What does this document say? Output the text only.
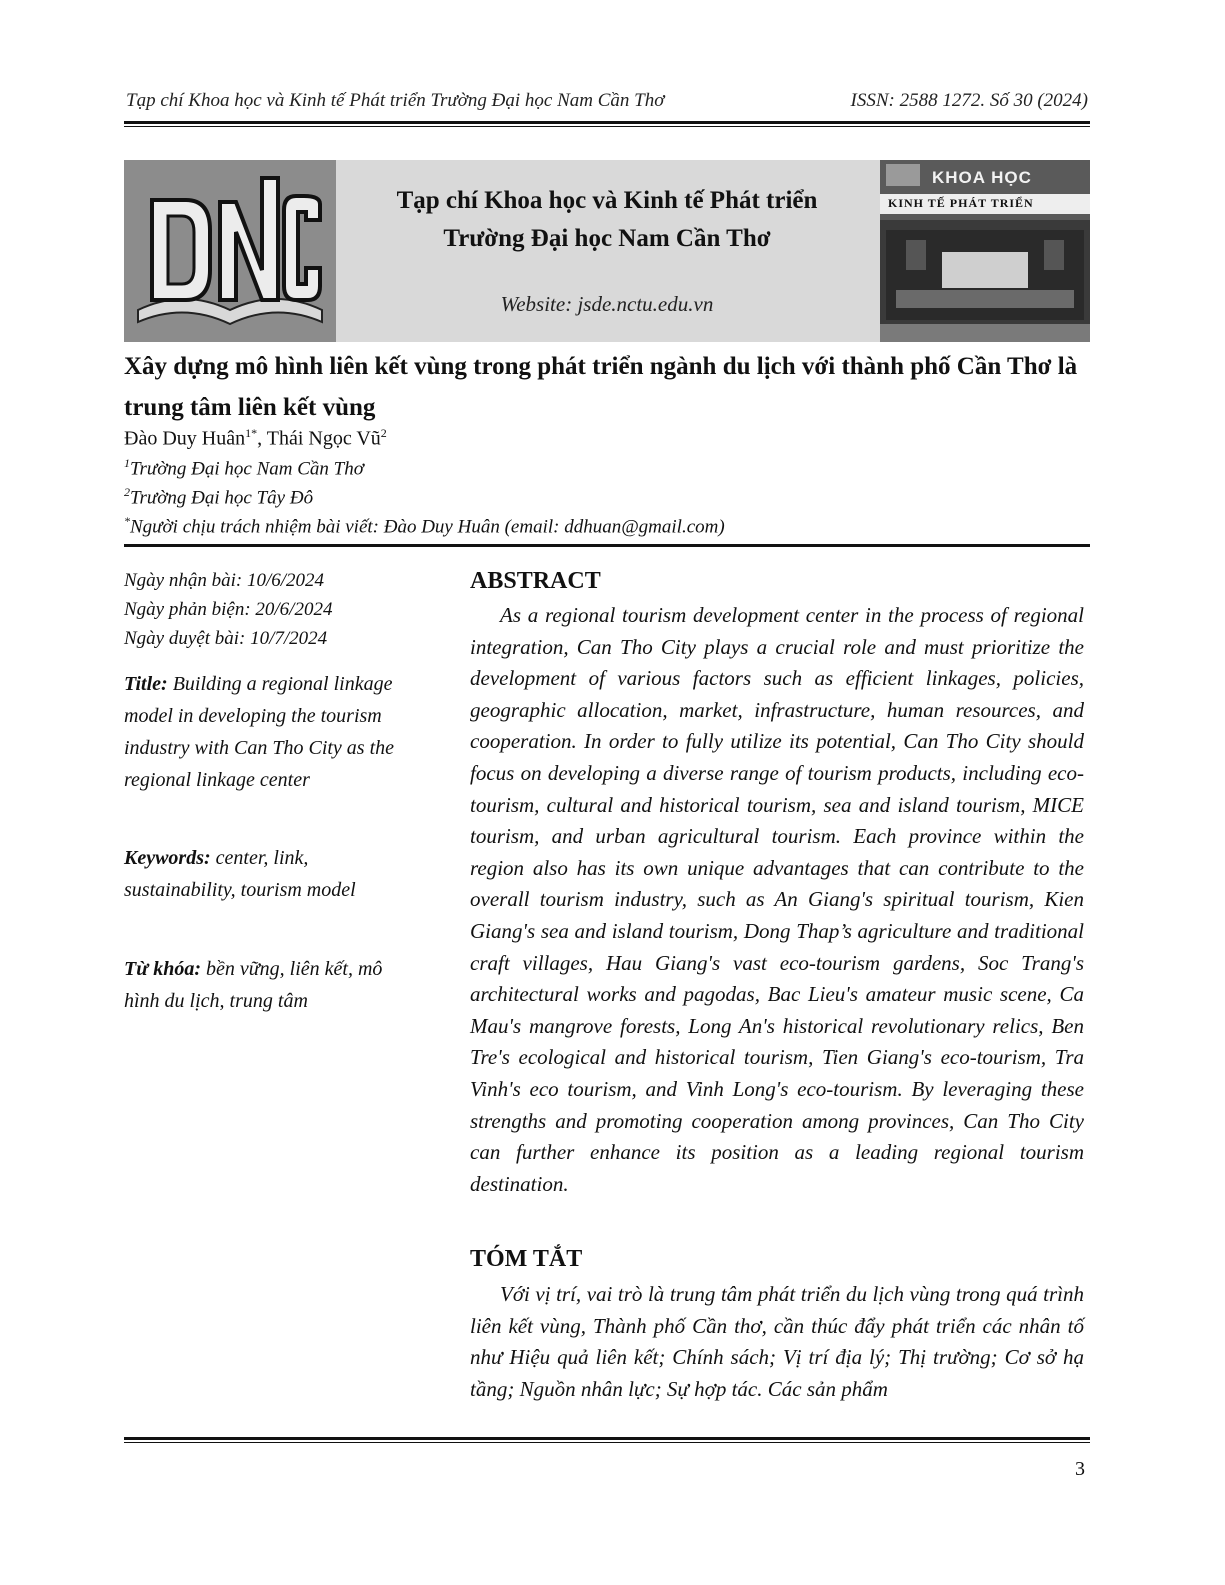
Tạp chí Khoa học và Kinh tế Phát triển Trường Đại học Nam Cần Thơ	ISSN: 2588 1272. Số 30 (2024)
Tạp chí Khoa học và Kinh tế Phát triển
Trường Đại học Nam Cần Thơ
Website: jsde.nctu.edu.vn
KHOA HỌC
KINH TẾ PHÁT TRIỂN
Xây dựng mô hình liên kết vùng trong phát triển ngành du lịch với thành phố Cần Thơ là trung tâm liên kết vùng
Đào Duy Huân$^{1*}$, Thái Ngọc $Vũ^2$
$^1$Trường Đại học Nam Cần Thơ
$^2$Trường Đại học Tây Đô
*Người chịu trách nhiệm bài viết: Đào Duy Huân (email: ddhuan@gmail.com)
Ngày nhận bài: 10/6/2024
Ngày phản biện: 20/6/2024
Ngày duyệt bài: 10/7/2024
Title: Building a regional linkage model in developing the tourism industry with Can Tho City as the regional linkage center
Keywords: center, link, sustainability, tourism model
Từ khóa: bền vững, liên kết, mô hình du lịch, trung tâm
ABSTRACT
As a regional tourism development center in the process of regional integration, Can Tho City plays a crucial role and must prioritize the development of various factors such as efficient linkages, policies, geographic allocation, market, infrastructure, human resources, and cooperation. In order to fully utilize its potential, Can Tho City should focus on developing a diverse range of tourism products, including eco-tourism, cultural and historical tourism, sea and island tourism, MICE tourism, and urban agricultural tourism. Each province within the region also has its own unique advantages that can contribute to the overall tourism industry, such as An Giang's spiritual tourism, Kien Giang's sea and island tourism, Dong Thap’s agriculture and traditional craft villages, Hau Giang's vast eco-tourism gardens, Soc Trang's architectural works and pagodas, Bac Lieu's amateur music scene, Ca Mau's mangrove forests, Long An's historical revolutionary relics, Ben Tre's ecological and historical tourism, Tien Giang's eco-tourism, Tra Vinh's eco tourism, and Vinh Long's eco-tourism. By leveraging these strengths and promoting cooperation among provinces, Can Tho City can further enhance its position as a leading regional tourism destination.
TÓM TẮT
Với vị trí, vai trò là trung tâm phát triển du lịch vùng trong quá trình liên kết vùng, Thành phố Cần thơ, cần thúc đẩy phát triển các nhân tố như Hiệu quả liên kết; Chính sách; Vị trí địa lý; Thị trường; Cơ sở hạ tầng; Nguồn nhân lực; Sự hợp tác. Các sản phẩm
3
